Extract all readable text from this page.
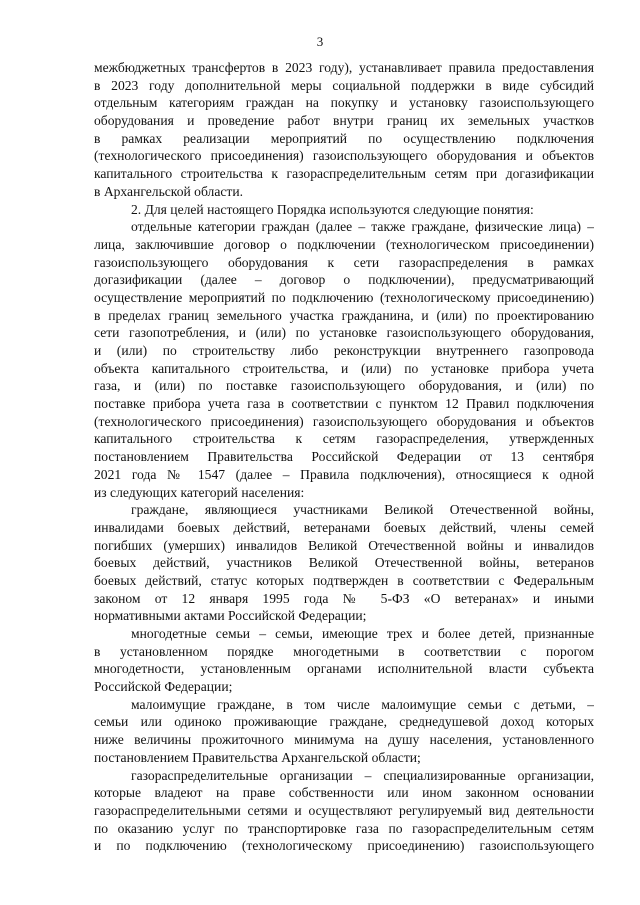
3
межбюджетных трансфертов в 2023 году), устанавливает правила предоставления
в 2023 году дополнительной меры социальной поддержки в виде субсидий
отдельным категориям граждан на покупку и установку газоиспользующего
оборудования и проведение работ внутри границ их земельных участков
в рамках реализации мероприятий по осуществлению подключения
(технологического присоединения) газоиспользующего оборудования и объектов
капитального строительства к газораспределительным сетям при догазификации
в Архангельской области.
2. Для целей настоящего Порядка используются следующие понятия:
отдельные категории граждан (далее – также граждане, физические лица) –
лица, заключившие договор о подключении (технологическом присоединении)
газоиспользующего оборудования к сети газораспределения в рамках
догазификации (далее – договор о подключении), предусматривающий
осуществление мероприятий по подключению (технологическому присоединению)
в пределах границ земельного участка гражданина, и (или) по проектированию
сети газопотребления, и (или) по установке газоиспользующего оборудования,
и (или) по строительству либо реконструкции внутреннего газопровода
объекта капитального строительства, и (или) по установке прибора учета
газа, и (или) по поставке газоиспользующего оборудования, и (или) по
поставке прибора учета газа в соответствии с пунктом 12 Правил подключения
(технологического присоединения) газоиспользующего оборудования и объектов
капитального строительства к сетям газораспределения, утвержденных
постановлением Правительства Российской Федерации от 13 сентября
2021 года № 1547 (далее – Правила подключения), относящиеся к одной
из следующих категорий населения:
граждане, являющиеся участниками Великой Отечественной войны,
инвалидами боевых действий, ветеранами боевых действий, члены семей
погибших (умерших) инвалидов Великой Отечественной войны и инвалидов
боевых действий, участников Великой Отечественной войны, ветеранов
боевых действий, статус которых подтвержден в соответствии с Федеральным
законом от 12 января 1995 года № 5-ФЗ «О ветеранах» и иными
нормативными актами Российской Федерации;
многодетные семьи – семьи, имеющие трех и более детей, признанные
в установленном порядке многодетными в соответствии с порогом
многодетности, установленным органами исполнительной власти субъекта
Российской Федерации;
малоимущие граждане, в том числе малоимущие семьи с детьми, –
семьи или одиноко проживающие граждане, среднедушевой доход которых
ниже величины прожиточного минимума на душу населения, установленного
постановлением Правительства Архангельской области;
газораспределительные организации – специализированные организации,
которые владеют на праве собственности или ином законном основании
газораспределительными сетями и осуществляют регулируемый вид деятельности
по оказанию услуг по транспортировке газа по газораспределительным сетям
и по подключению (технологическому присоединению) газоиспользующего
